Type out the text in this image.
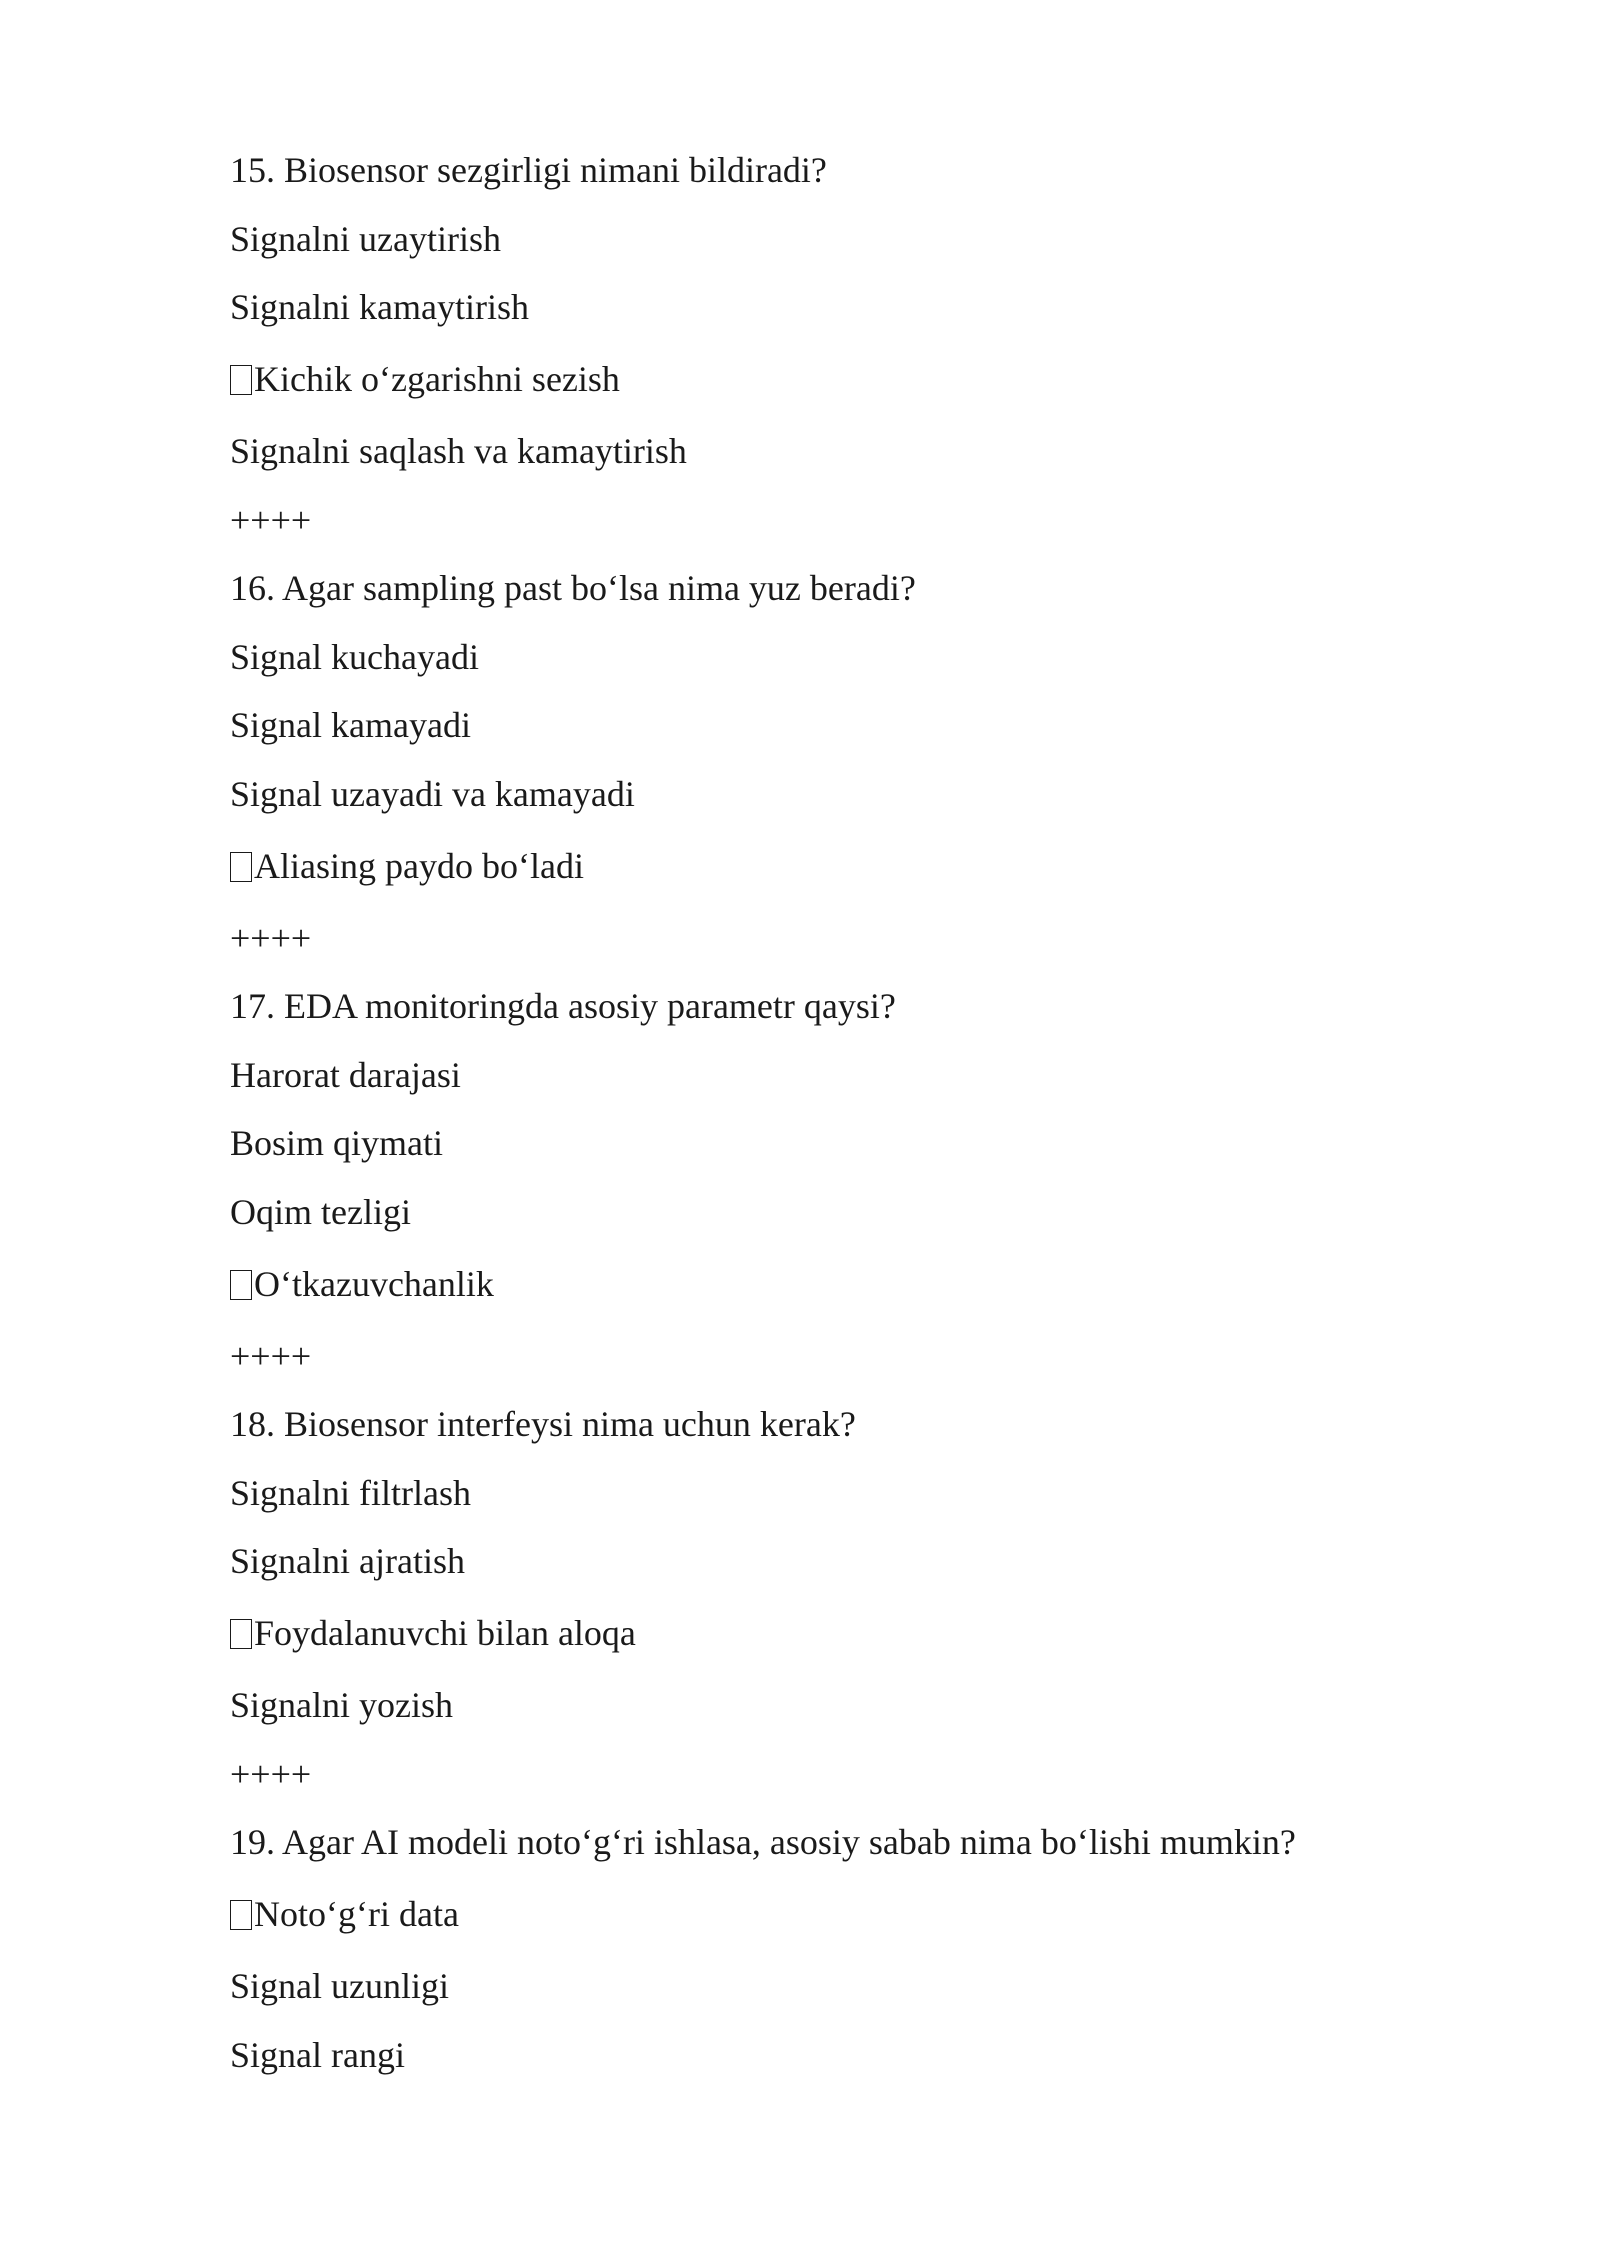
15. Biosensor sezgirligi nimani bildiradi?

Signalni uzaytirish

Signalni kamaytirish

Kichik o‘zgarishni sezish

Signalni saqlash va kamaytirish

++++

16. Agar sampling past bo‘lsa nima yuz beradi?

Signal kuchayadi

Signal kamayadi

Signal uzayadi va kamayadi

Aliasing paydo bo‘ladi

++++

17. EDA monitoringda asosiy parametr qaysi?

Harorat darajasi

Bosim qiymati

Oqim tezligi

O‘tkazuvchanlik

++++

18. Biosensor interfeysi nima uchun kerak?

Signalni filtrlash

Signalni ajratish

Foydalanuvchi bilan aloqa

Signalni yozish

++++

19. Agar AI modeli noto‘g‘ri ishlasa, asosiy sabab nima bo‘lishi mumkin?

Noto‘g‘ri data

Signal uzunligi

Signal rangi
